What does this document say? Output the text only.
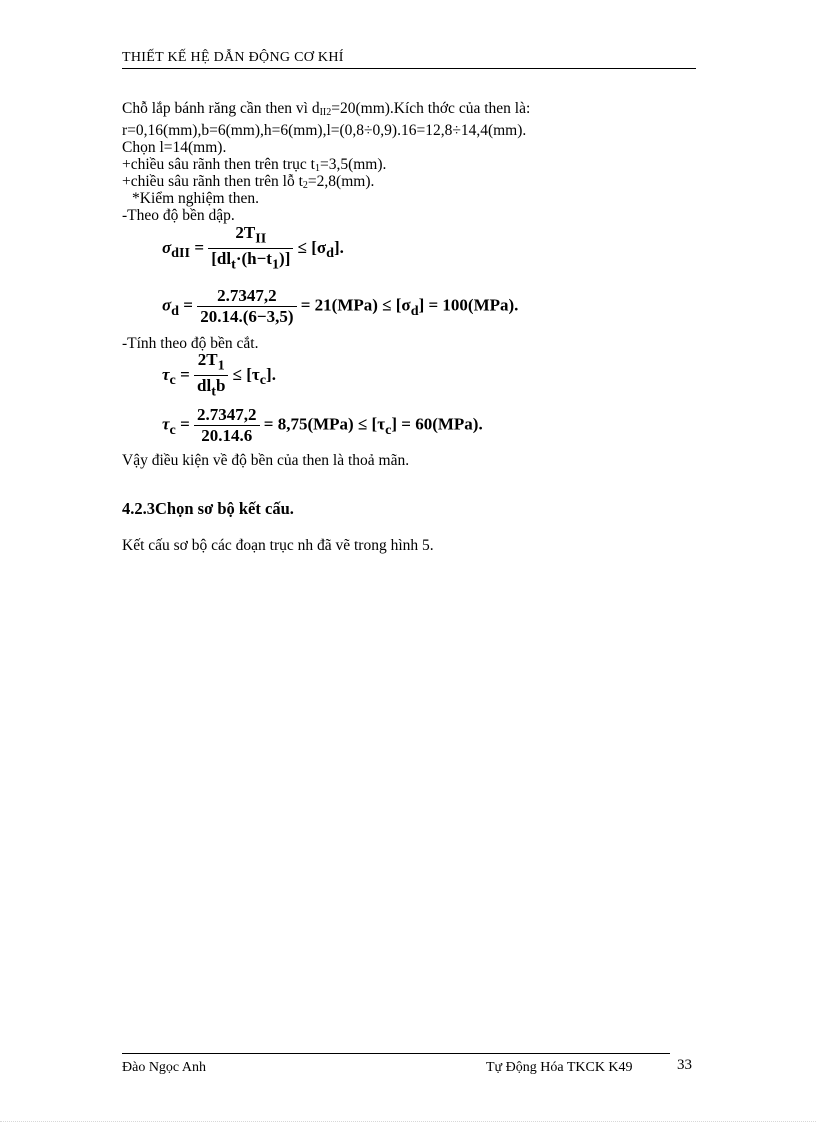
THIẾT KẾ HỆ DẪN ĐỘNG CƠ KHÍ
Chỗ lắp bánh răng cần then vì $d_{II2}=20(mm).Kích$ thớc của then là:
r=0,16(mm),b=6(mm),h=6(mm),l=(0,8÷0,9).16=12,8÷14,4(mm).
Chọn l=14(mm).
+chiều sâu rãnh then trên trục $t_1=3,5(mm)$.
+chiều sâu rãnh then trên lỗ $t_2=2,8(mm)$.
*Kiểm nghiệm then.
-Theo độ bền dập.
$\sigma_{dII} = \frac{2T_{II}}{[dl_t\cdot(h-t_1)]} \le [\sigma_d]$.
$\sigma_d = \frac{2.7347,2}{20.14.(6-3,5)} = 21(MPa) \le [\sigma_d] = 100(MPa)$.
-Tính theo độ bền cắt.
$\tau_c = \frac{2T_1}{dl_tb} \le [\tau_c]$.
$\tau_c = \frac{2.7347,2}{20.14.6} = 8,75(MPa) \le [\tau_c] = 60(MPa)$.
Vậy điều kiện về độ bền của then là thoả mãn.
4.2.3Chọn sơ bộ kết cấu.
Kết cấu sơ bộ các đoạn trục nh đã vẽ trong hình 5.
Đào Ngọc Anh	Tự Động Hóa TKCK K49	33
